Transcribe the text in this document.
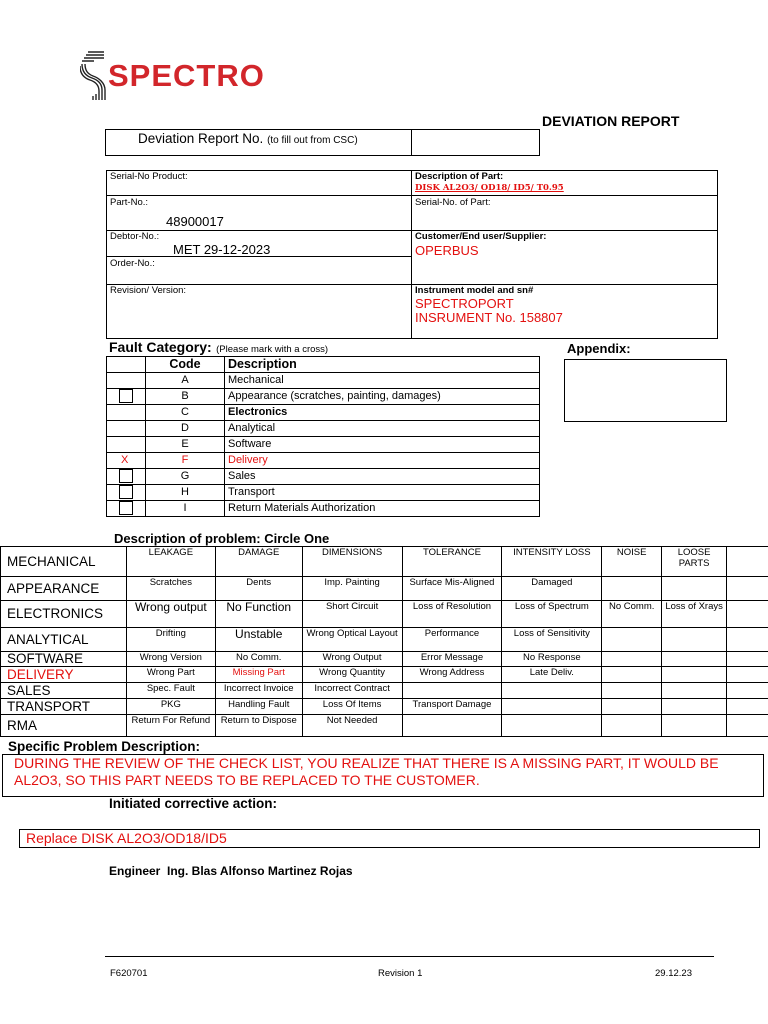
SPECTRO
DEVIATION REPORT
Deviation Report No. (to fill out from CSC)
Serial-No Product:	Description of Part:
DISK AL2O3/ OD18/ ID5/ T0.95
Part-No.:
48900017
Serial-No. of Part:
Debtor-No.:
MET 29-12-2023
Customer/End user/Supplier:
OPERBUS
Order-No.:
Revision/ Version:	Instrument model and sn#
SPECTROPORT
INSRUMENT No. 158807
Fault Category: (Please mark with a cross)	Appendix:
	Code	Description
	A	Mechanical
	B	Appearance (scratches, painting, damages)
	C	Electronics
	D	Analytical
	E	Software
X	F	Delivery
	G	Sales
	H	Transport
	I	Return Materials Authorization
Description of problem: Circle One
MECHANICAL	LEAKAGE	DAMAGE	DIMENSIONS	TOLERANCE	INTENSITY LOSS	NOISE	LOOSE PARTS	
APPEARANCE	Scratches	Dents	Imp. Painting	Surface Mis-Aligned	Damaged			
ELECTRONICS	Wrong output	No Function	Short Circuit	Loss of Resolution	Loss of Spectrum	No Comm.	Loss of Xrays	
ANALYTICAL	Drifting	Unstable	Wrong Optical Layout	Performance	Loss of Sensitivity			
SOFTWARE	Wrong Version	No Comm.	Wrong Output	Error Message	No Response			
DELIVERY	Wrong Part	Missing Part	Wrong Quantity	Wrong Address	Late Deliv.			
SALES	Spec. Fault	Incorrect Invoice	Incorrect Contract					
TRANSPORT	PKG	Handling Fault	Loss Of Items	Transport Damage				
RMA	Return For Refund	Return to Dispose	Not Needed					
Specific Problem Description:
DURING THE REVIEW OF THE CHECK LIST, YOU REALIZE THAT THERE IS A MISSING PART, IT WOULD BE AL2O3, SO THIS PART NEEDS TO BE REPLACED TO THE CUSTOMER.
Initiated corrective action:
Replace DISK AL2O3/OD18/ID5
Engineer  Ing. Blas Alfonso Martinez Rojas
F620701	Revision 1	29.12.23
